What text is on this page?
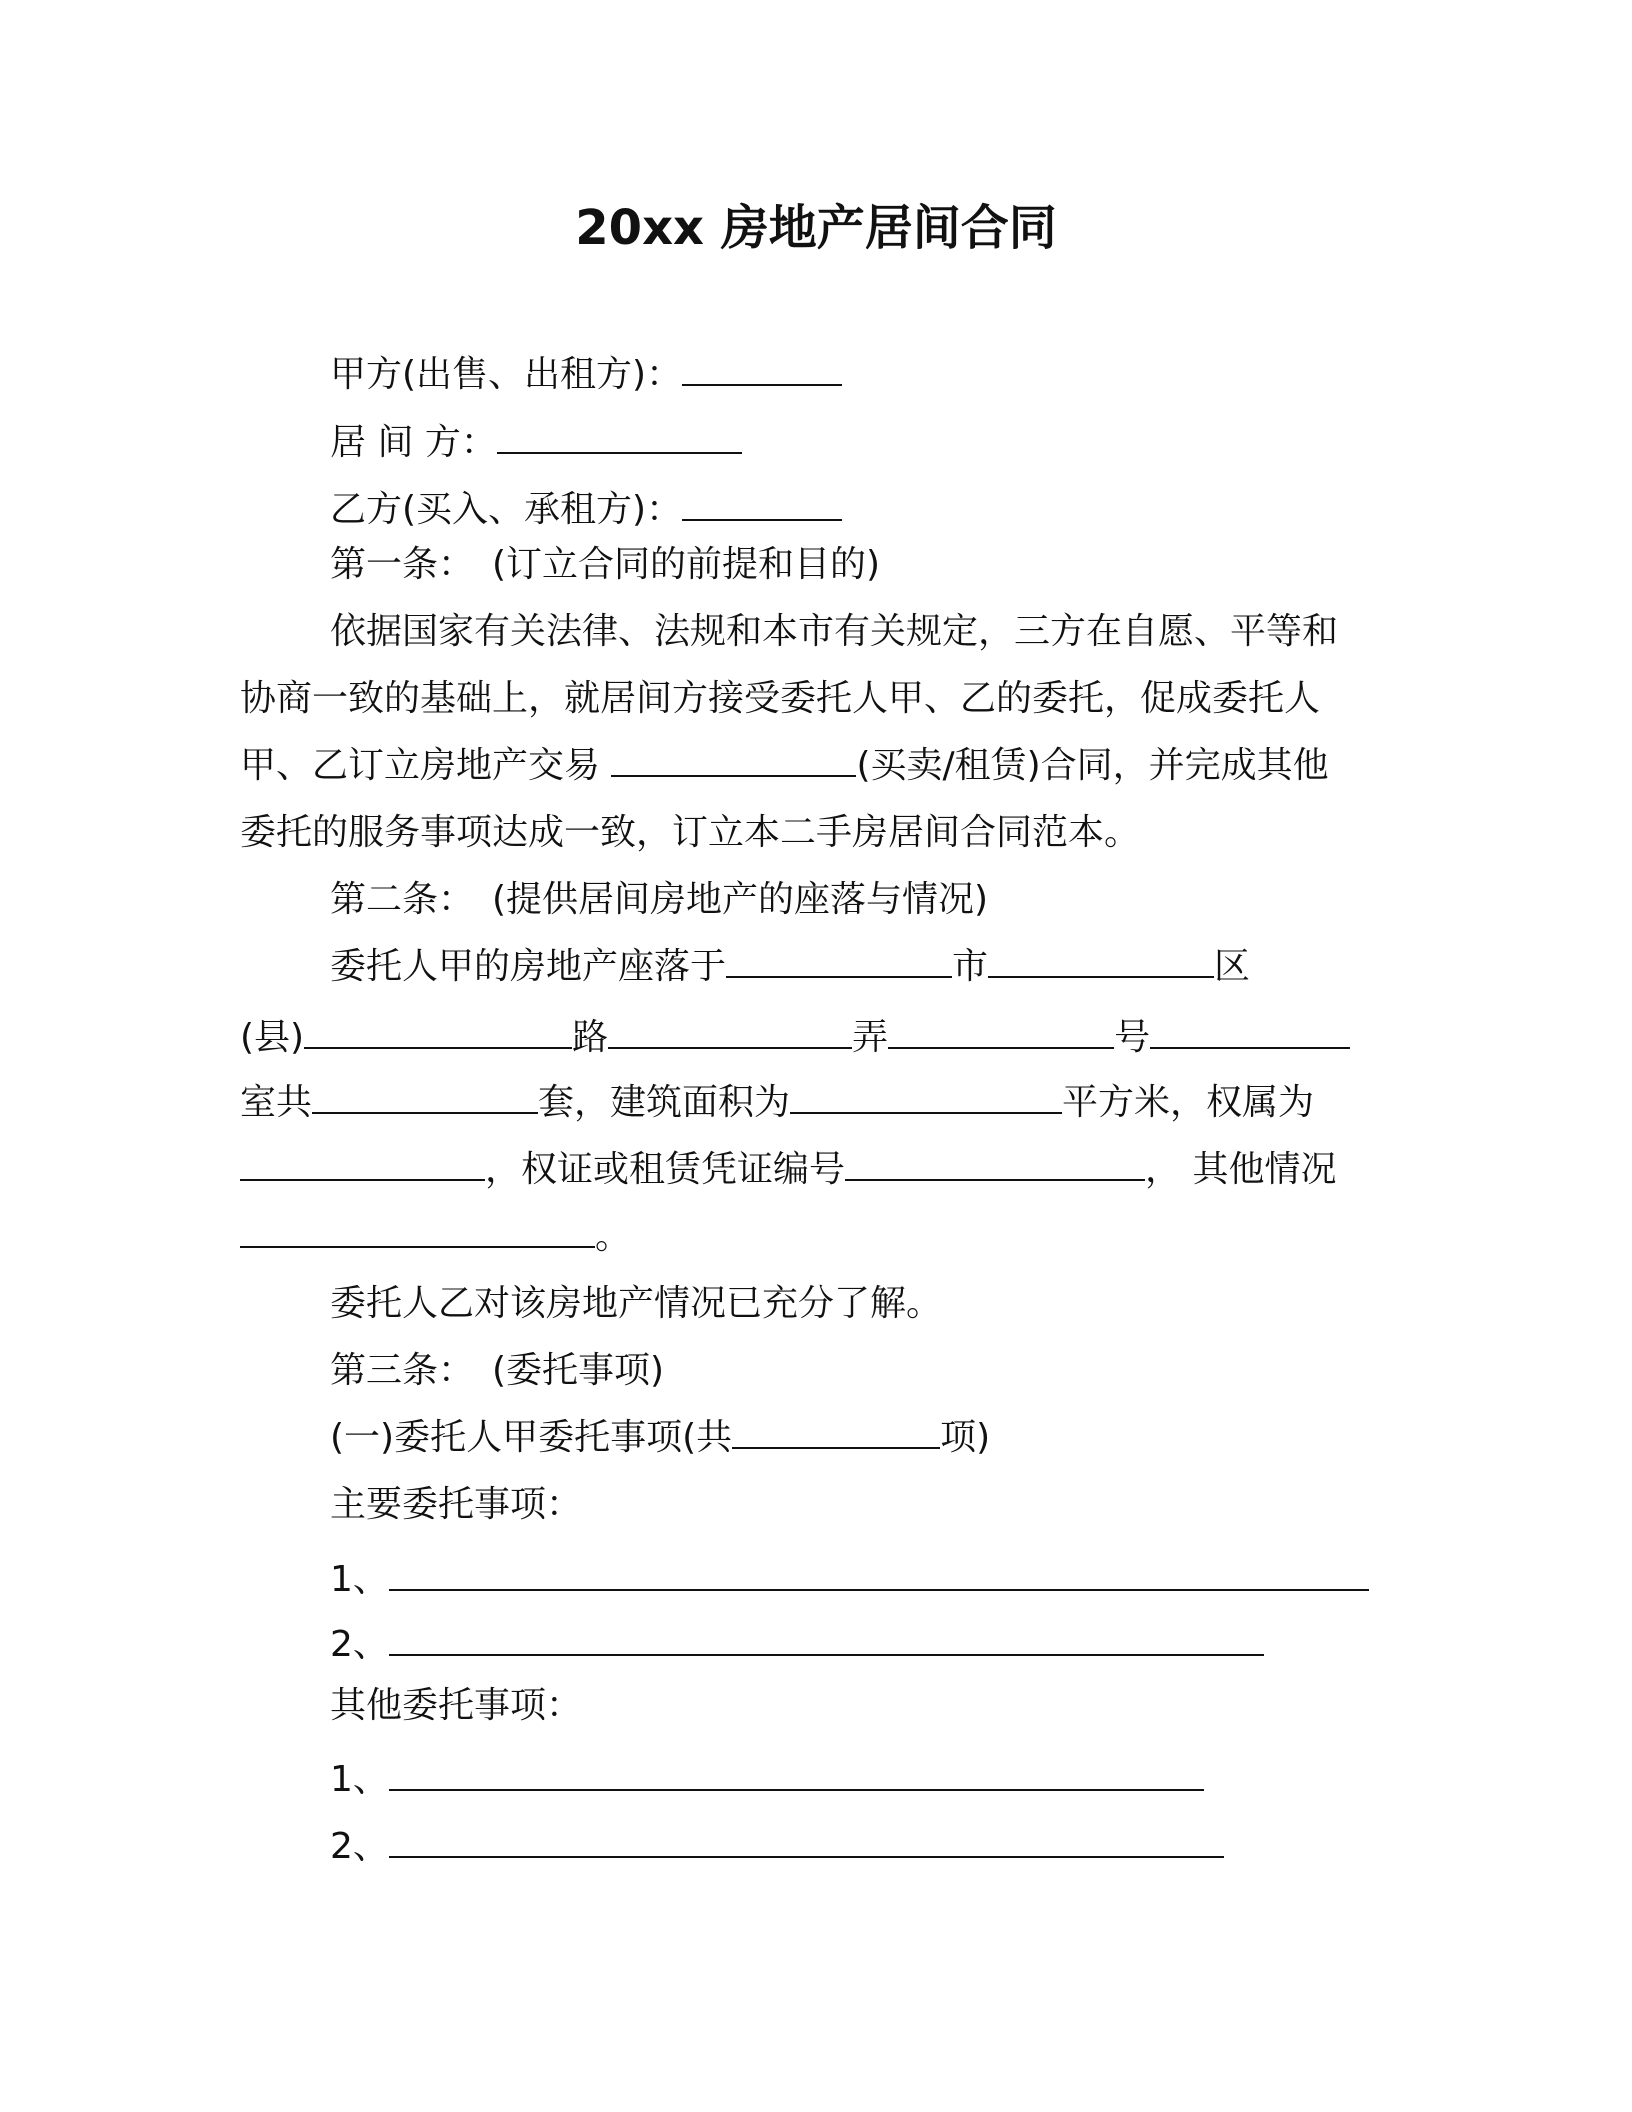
20xx 房地产居间合同
甲方(出售、出租方)：
居 间 方：
乙方(买入、承租方)：
第一条：　(订立合同的前提和目的)
依据国家有关法律、法规和本市有关规定，三方在自愿、平等和
协商一致的基础上，就居间方接受委托人甲、乙的委托，促成委托人
甲、乙订立房地产交易	(买卖/租赁)合同，并完成其他
委托的服务事项达成一致，订立本二手房居间合同范本。
第二条：　(提供居间房地产的座落与情况)
委托人甲的房地产座落于	市	区
(县)	路	弄	号
室共	套，建筑面积为	平方米，权属为
，权证或租赁凭证编号	， 其他情况
。
委托人乙对该房地产情况已充分了解。
第三条：　(委托事项)
(一)委托人甲委托事项(共	项)
主要委托事项：
1、
2、
其他委托事项：
1、
2、
